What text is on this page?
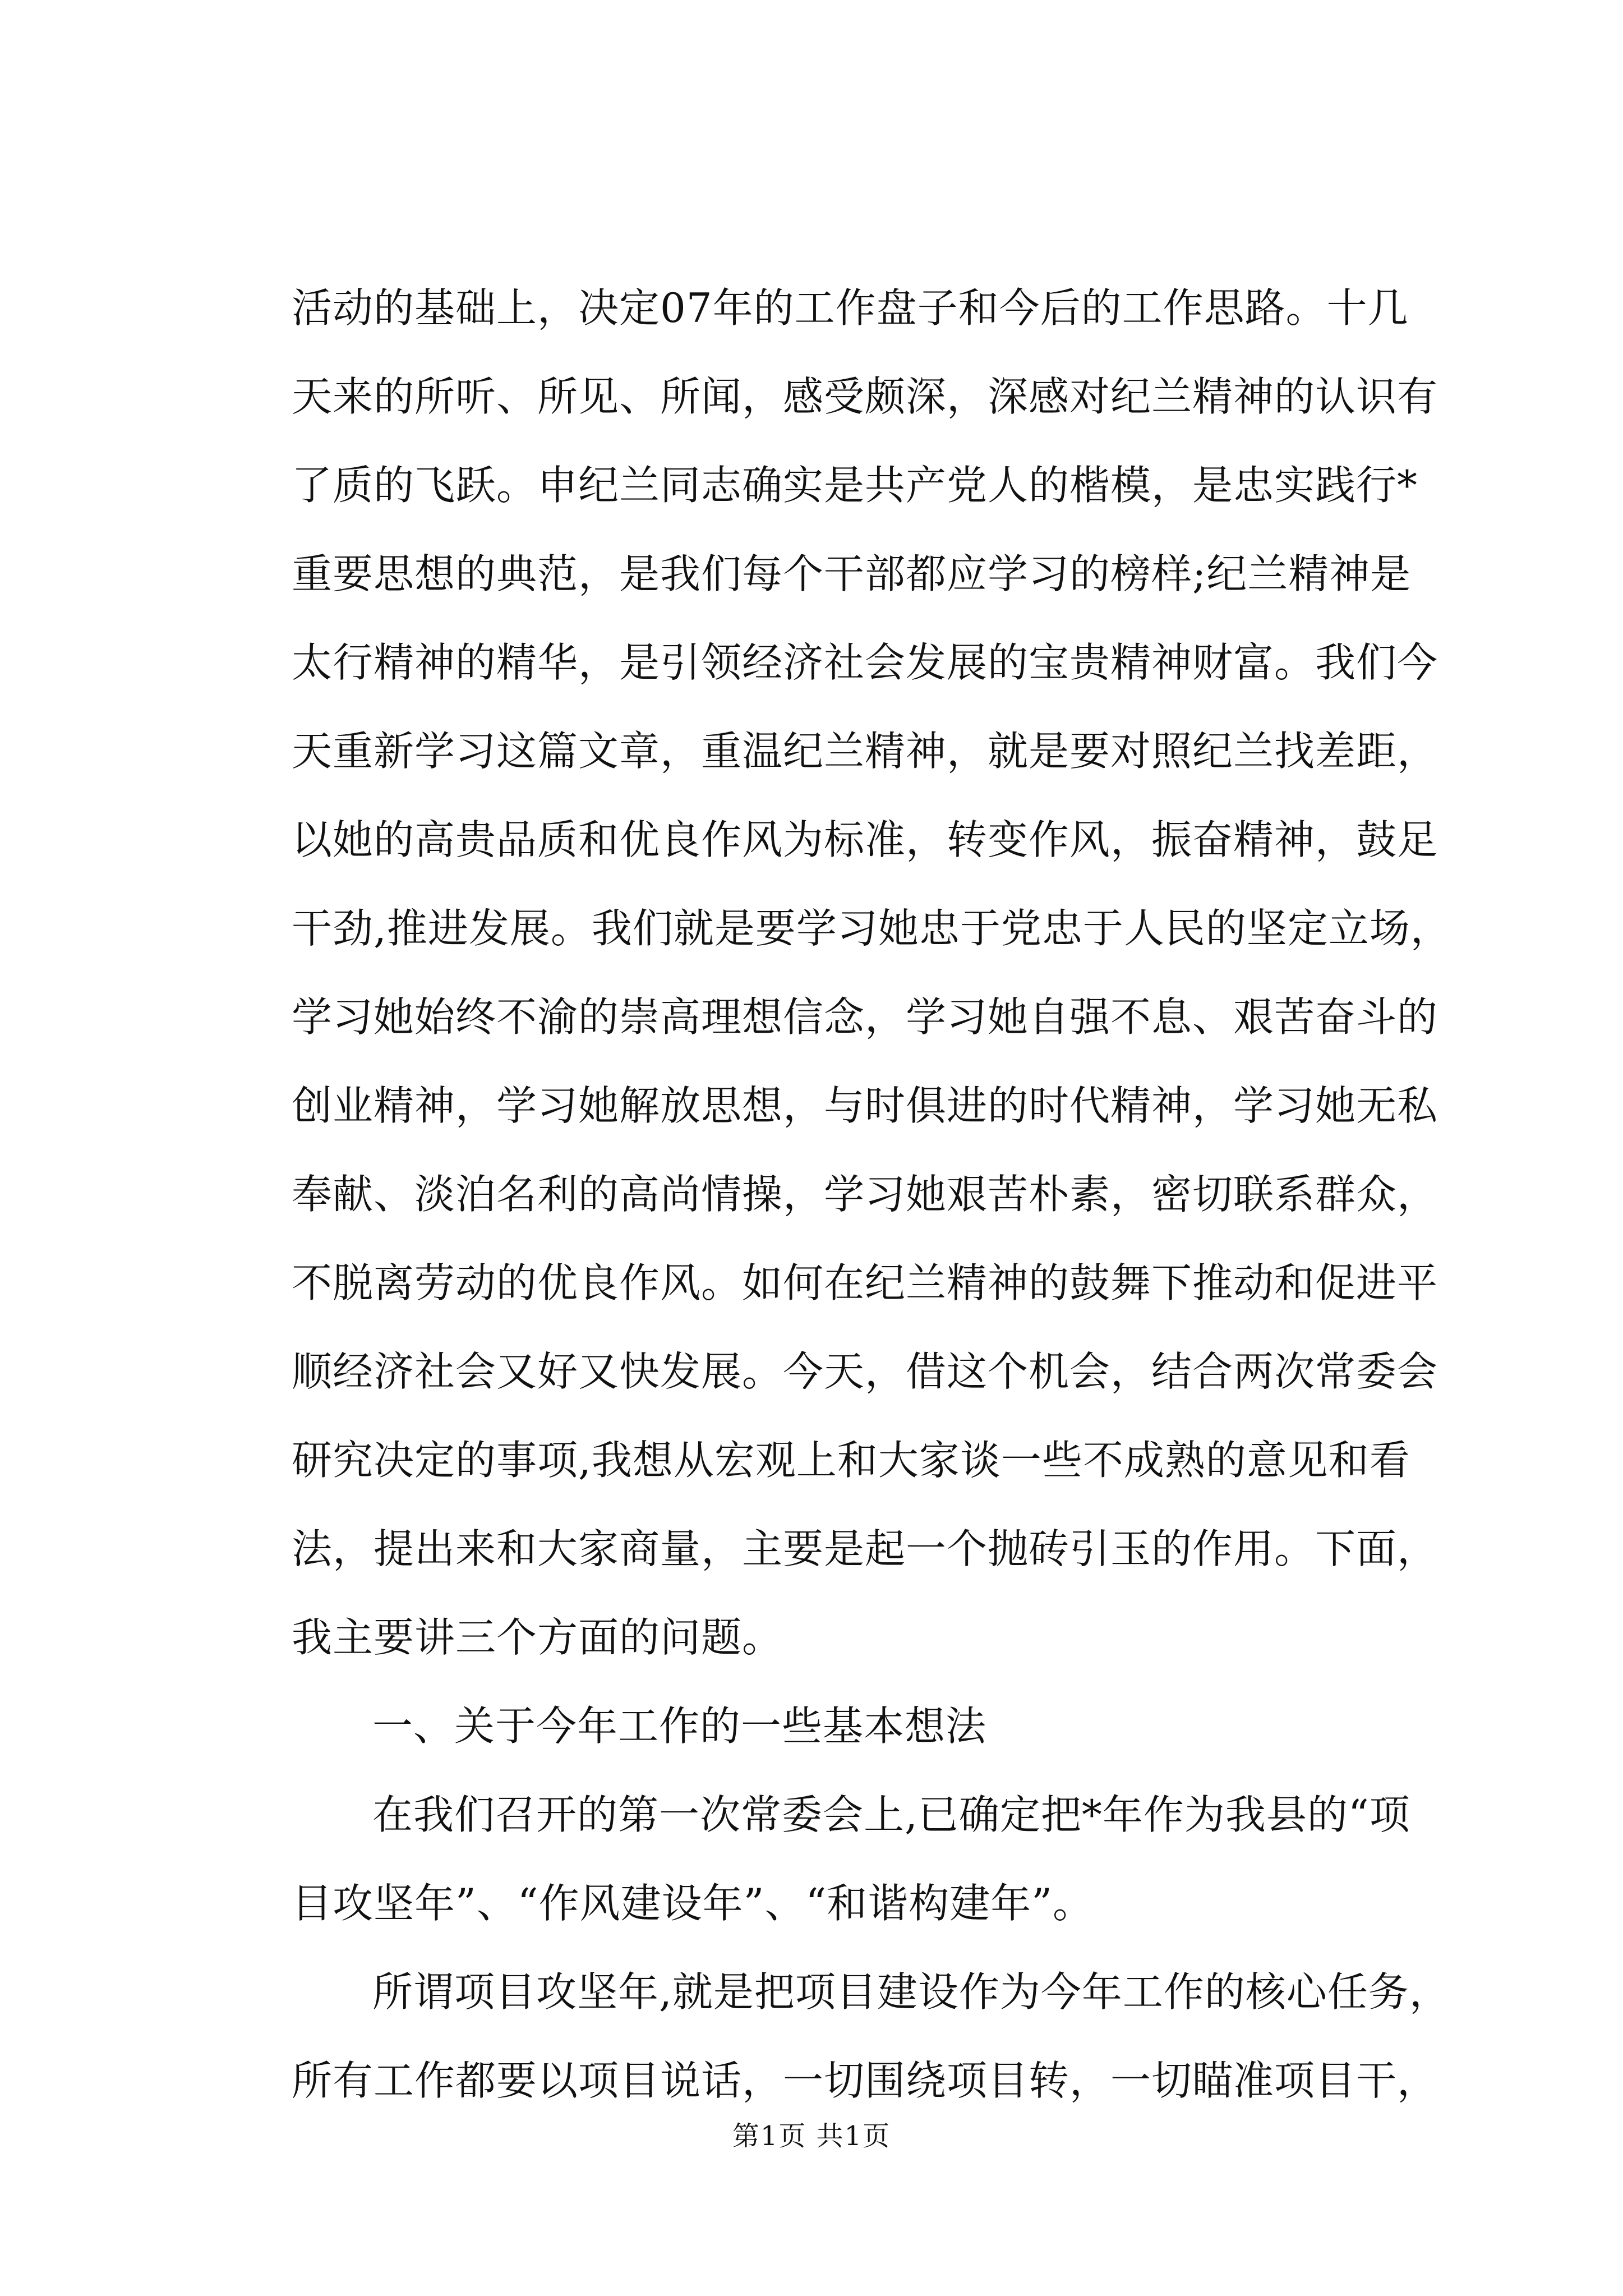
活动的基础上，决定07年的工作盘子和今后的工作思路。十几
天来的所听、所见、所闻，感受颇深，深感对纪兰精神的认识有
了质的飞跃。申纪兰同志确实是共产党人的楷模，是忠实践行*
重要思想的典范，是我们每个干部都应学习的榜样;纪兰精神是
太行精神的精华，是引领经济社会发展的宝贵精神财富。我们今
天重新学习这篇文章，重温纪兰精神，就是要对照纪兰找差距，
以她的高贵品质和优良作风为标准，转变作风，振奋精神，鼓足
干劲,推进发展。我们就是要学习她忠于党忠于人民的坚定立场，
学习她始终不渝的崇高理想信念，学习她自强不息、艰苦奋斗的
创业精神，学习她解放思想，与时俱进的时代精神，学习她无私
奉献、淡泊名利的高尚情操，学习她艰苦朴素，密切联系群众，
不脱离劳动的优良作风。如何在纪兰精神的鼓舞下推动和促进平
顺经济社会又好又快发展。今天，借这个机会，结合两次常委会
研究决定的事项,我想从宏观上和大家谈一些不成熟的意见和看
法，提出来和大家商量，主要是起一个抛砖引玉的作用。下面，
我主要讲三个方面的问题。
一、关于今年工作的一些基本想法
在我们召开的第一次常委会上,已确定把*年作为我县的“项
目攻坚年”、“作风建设年”、“和谐构建年”。
所谓项目攻坚年,就是把项目建设作为今年工作的核心任务，
所有工作都要以项目说话，一切围绕项目转，一切瞄准项目干，
第1页 共1页
